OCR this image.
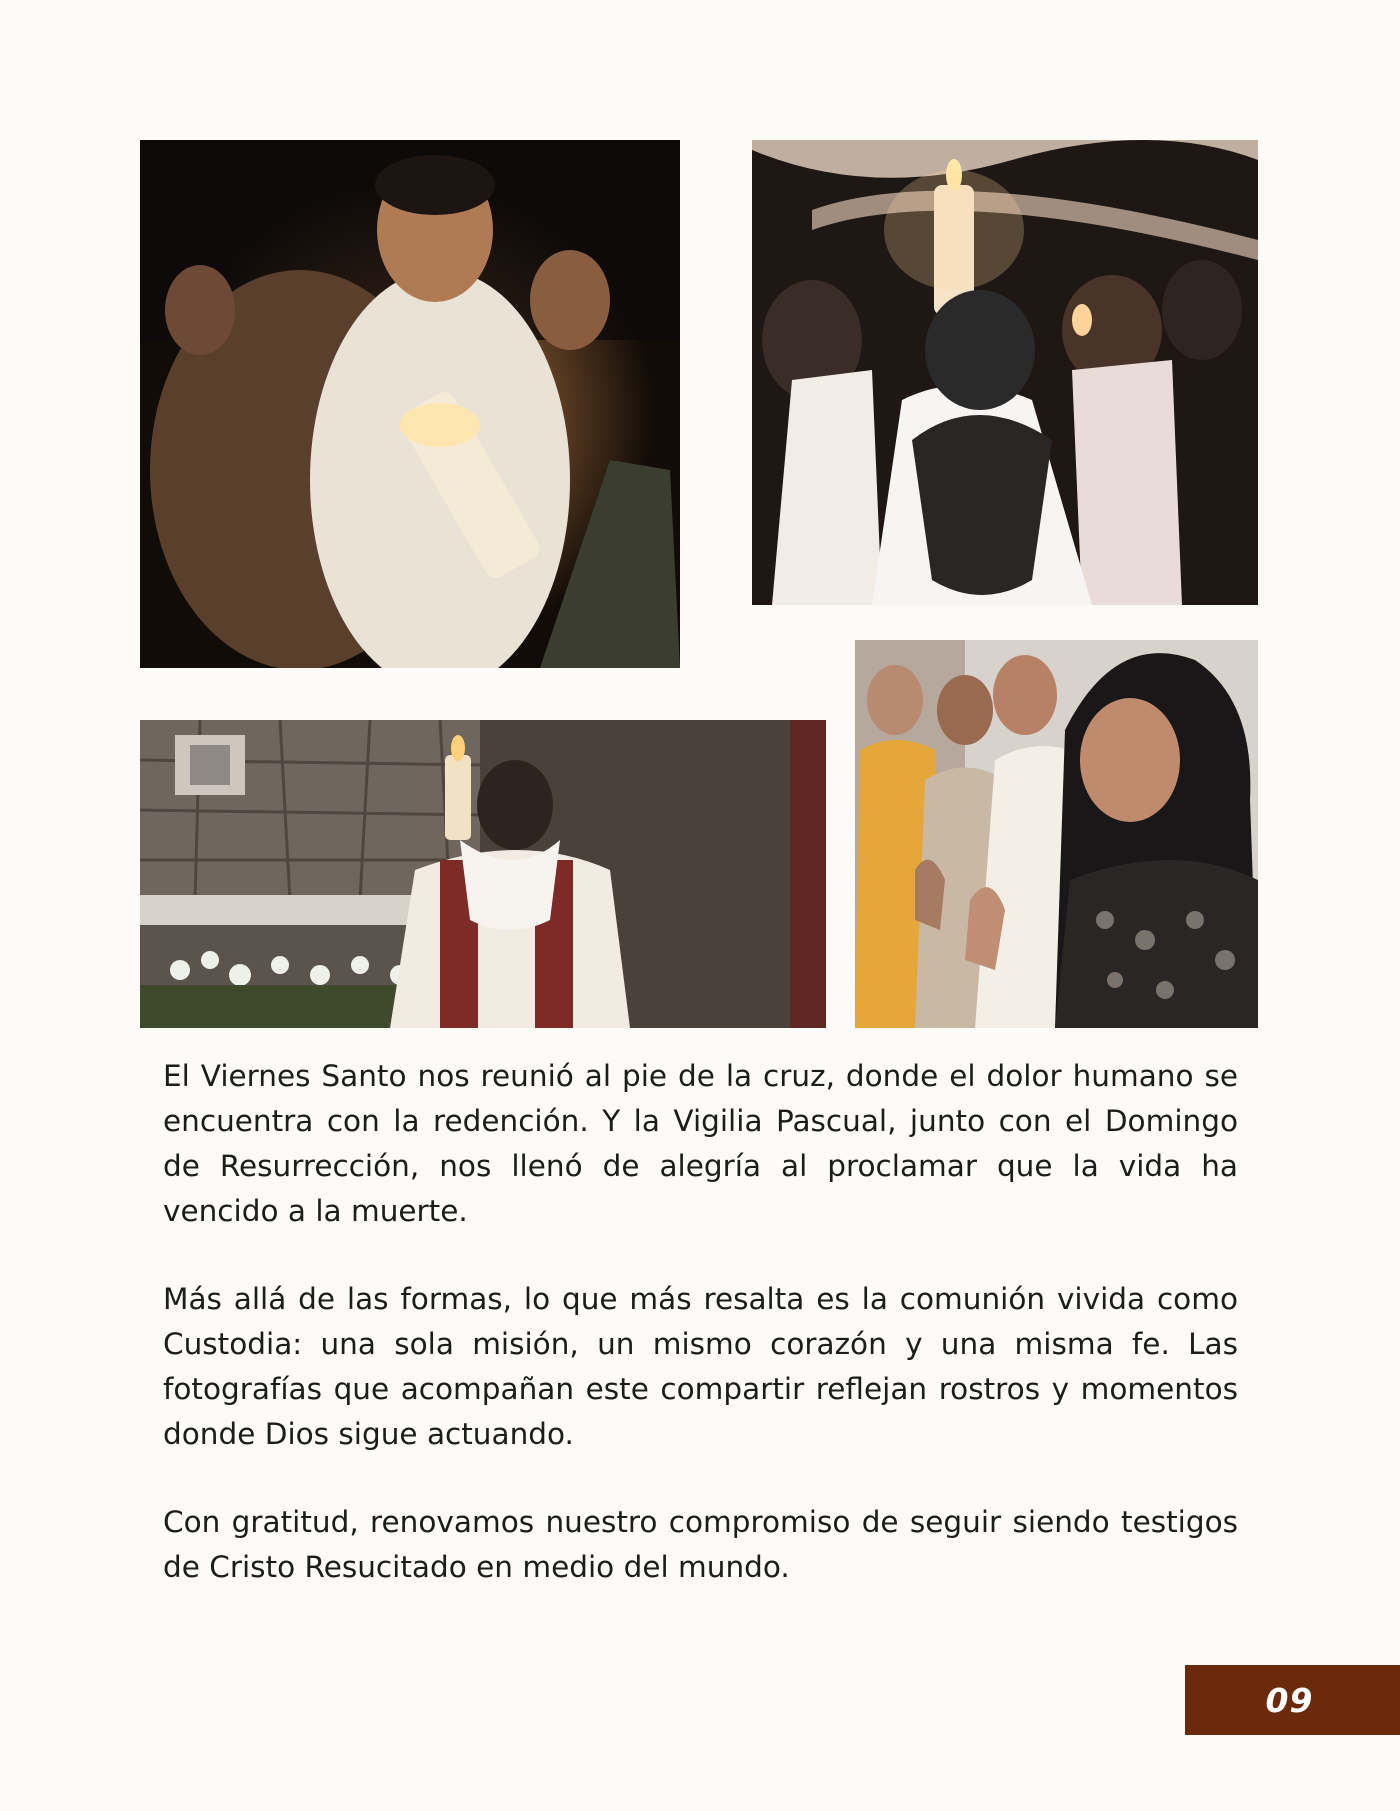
El Viernes Santo nos reunió al pie de la cruz, donde el dolor humano se encuentra con la redención. Y la Vigilia Pascual, junto con el Domingo de Resurrección, nos llenó de alegría al proclamar que la vida ha vencido a la muerte.

Más allá de las formas, lo que más resalta es la comunión vivida como Custodia: una sola misión, un mismo corazón y una misma fe. Las fotografías que acompañan este compartir reflejan rostros y momentos donde Dios sigue actuando.

Con gratitud, renovamos nuestro compromiso de seguir siendo testigos de Cristo Resucitado en medio del mundo.

09
